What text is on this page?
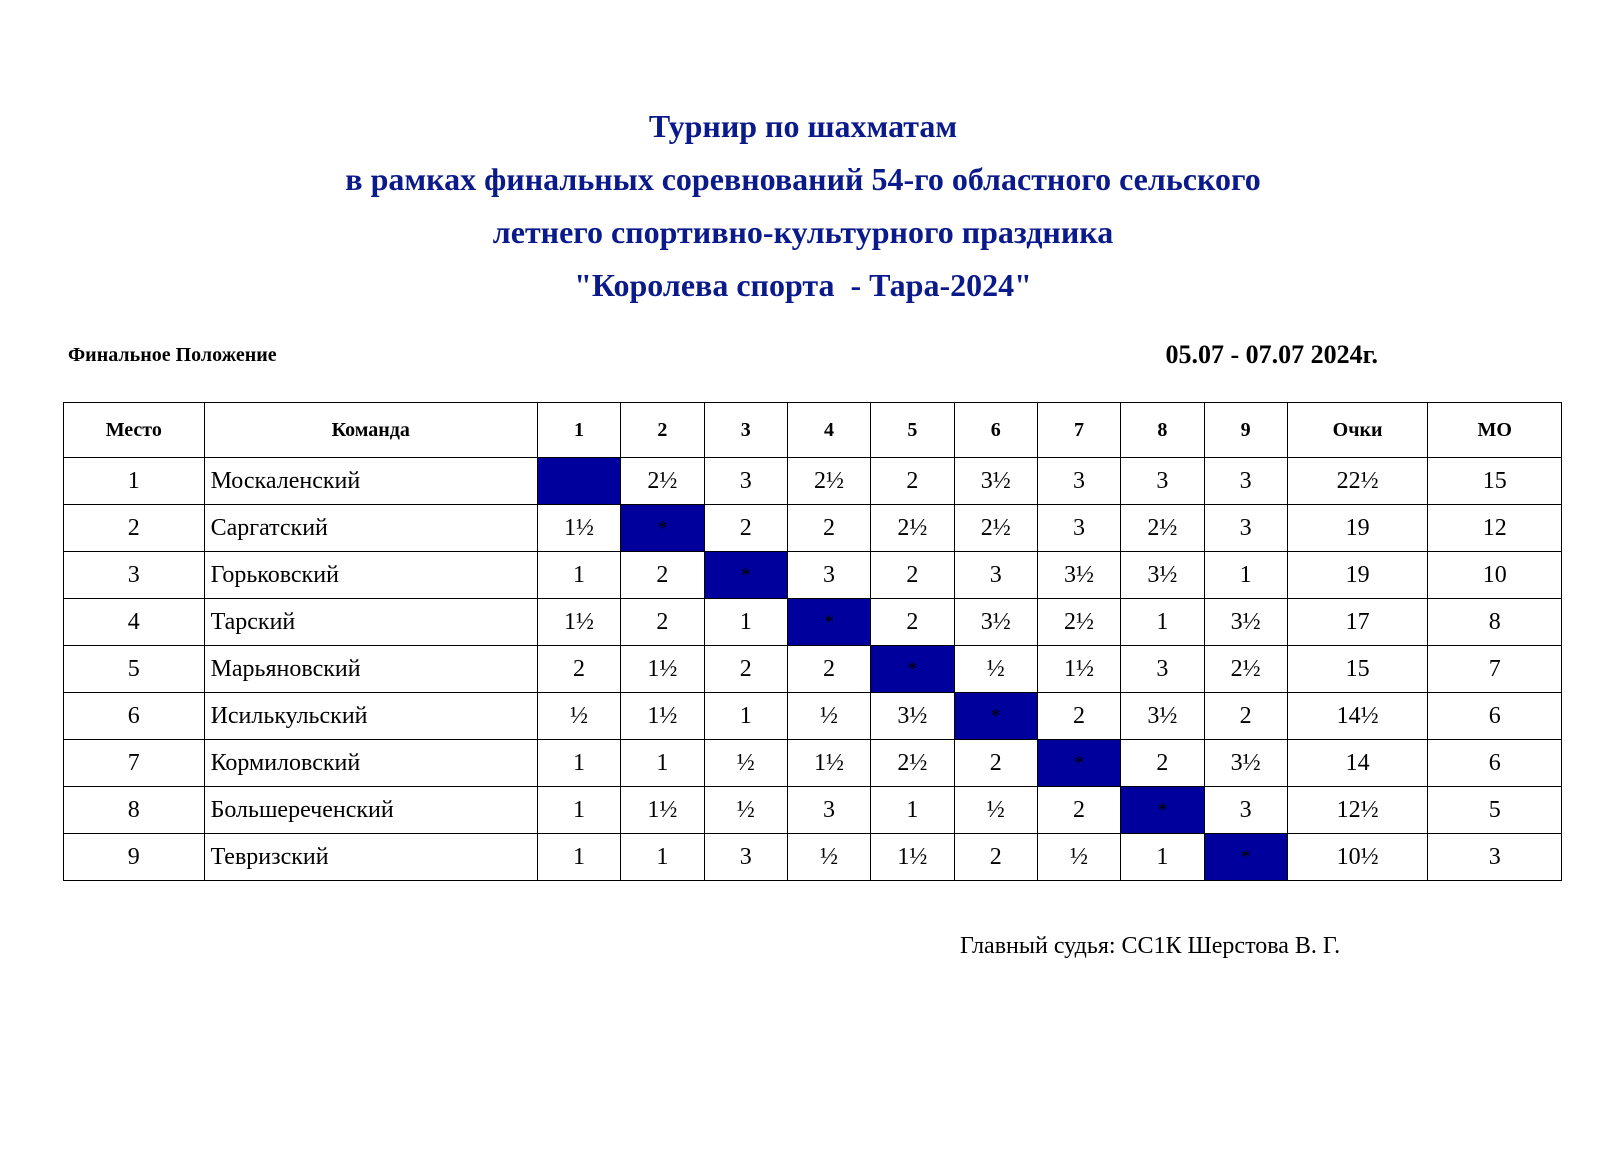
Турнир по шахматам
в рамках финальных соревнований 54-го областного сельского
летнего спортивно-культурного праздника
"Королева спорта  - Тара-2024"
Финальное Положение	05.07 - 07.07 2024г.
Место	Команда	1	2	3	4	5	6	7	8	9	Очки	МО
1	Москаленский		2½	3	2½	2	3½	3	3	3	22½	15
2	Саргатский	1½	*	2	2	2½	2½	3	2½	3	19	12
3	Горьковский	1	2	*	3	2	3	3½	3½	1	19	10
4	Тарский	1½	2	1	*	2	3½	2½	1	3½	17	8
5	Марьяновский	2	1½	2	2	*	½	1½	3	2½	15	7
6	Исилькульский	½	1½	1	½	3½	*	2	3½	2	14½	6
7	Кормиловский	1	1	½	1½	2½	2	*	2	3½	14	6
8	Большереченский	1	1½	½	3	1	½	2	*	3	12½	5
9	Тевризский	1	1	3	½	1½	2	½	1	*	10½	3
Главный судья: СС1К Шерстова В. Г.
